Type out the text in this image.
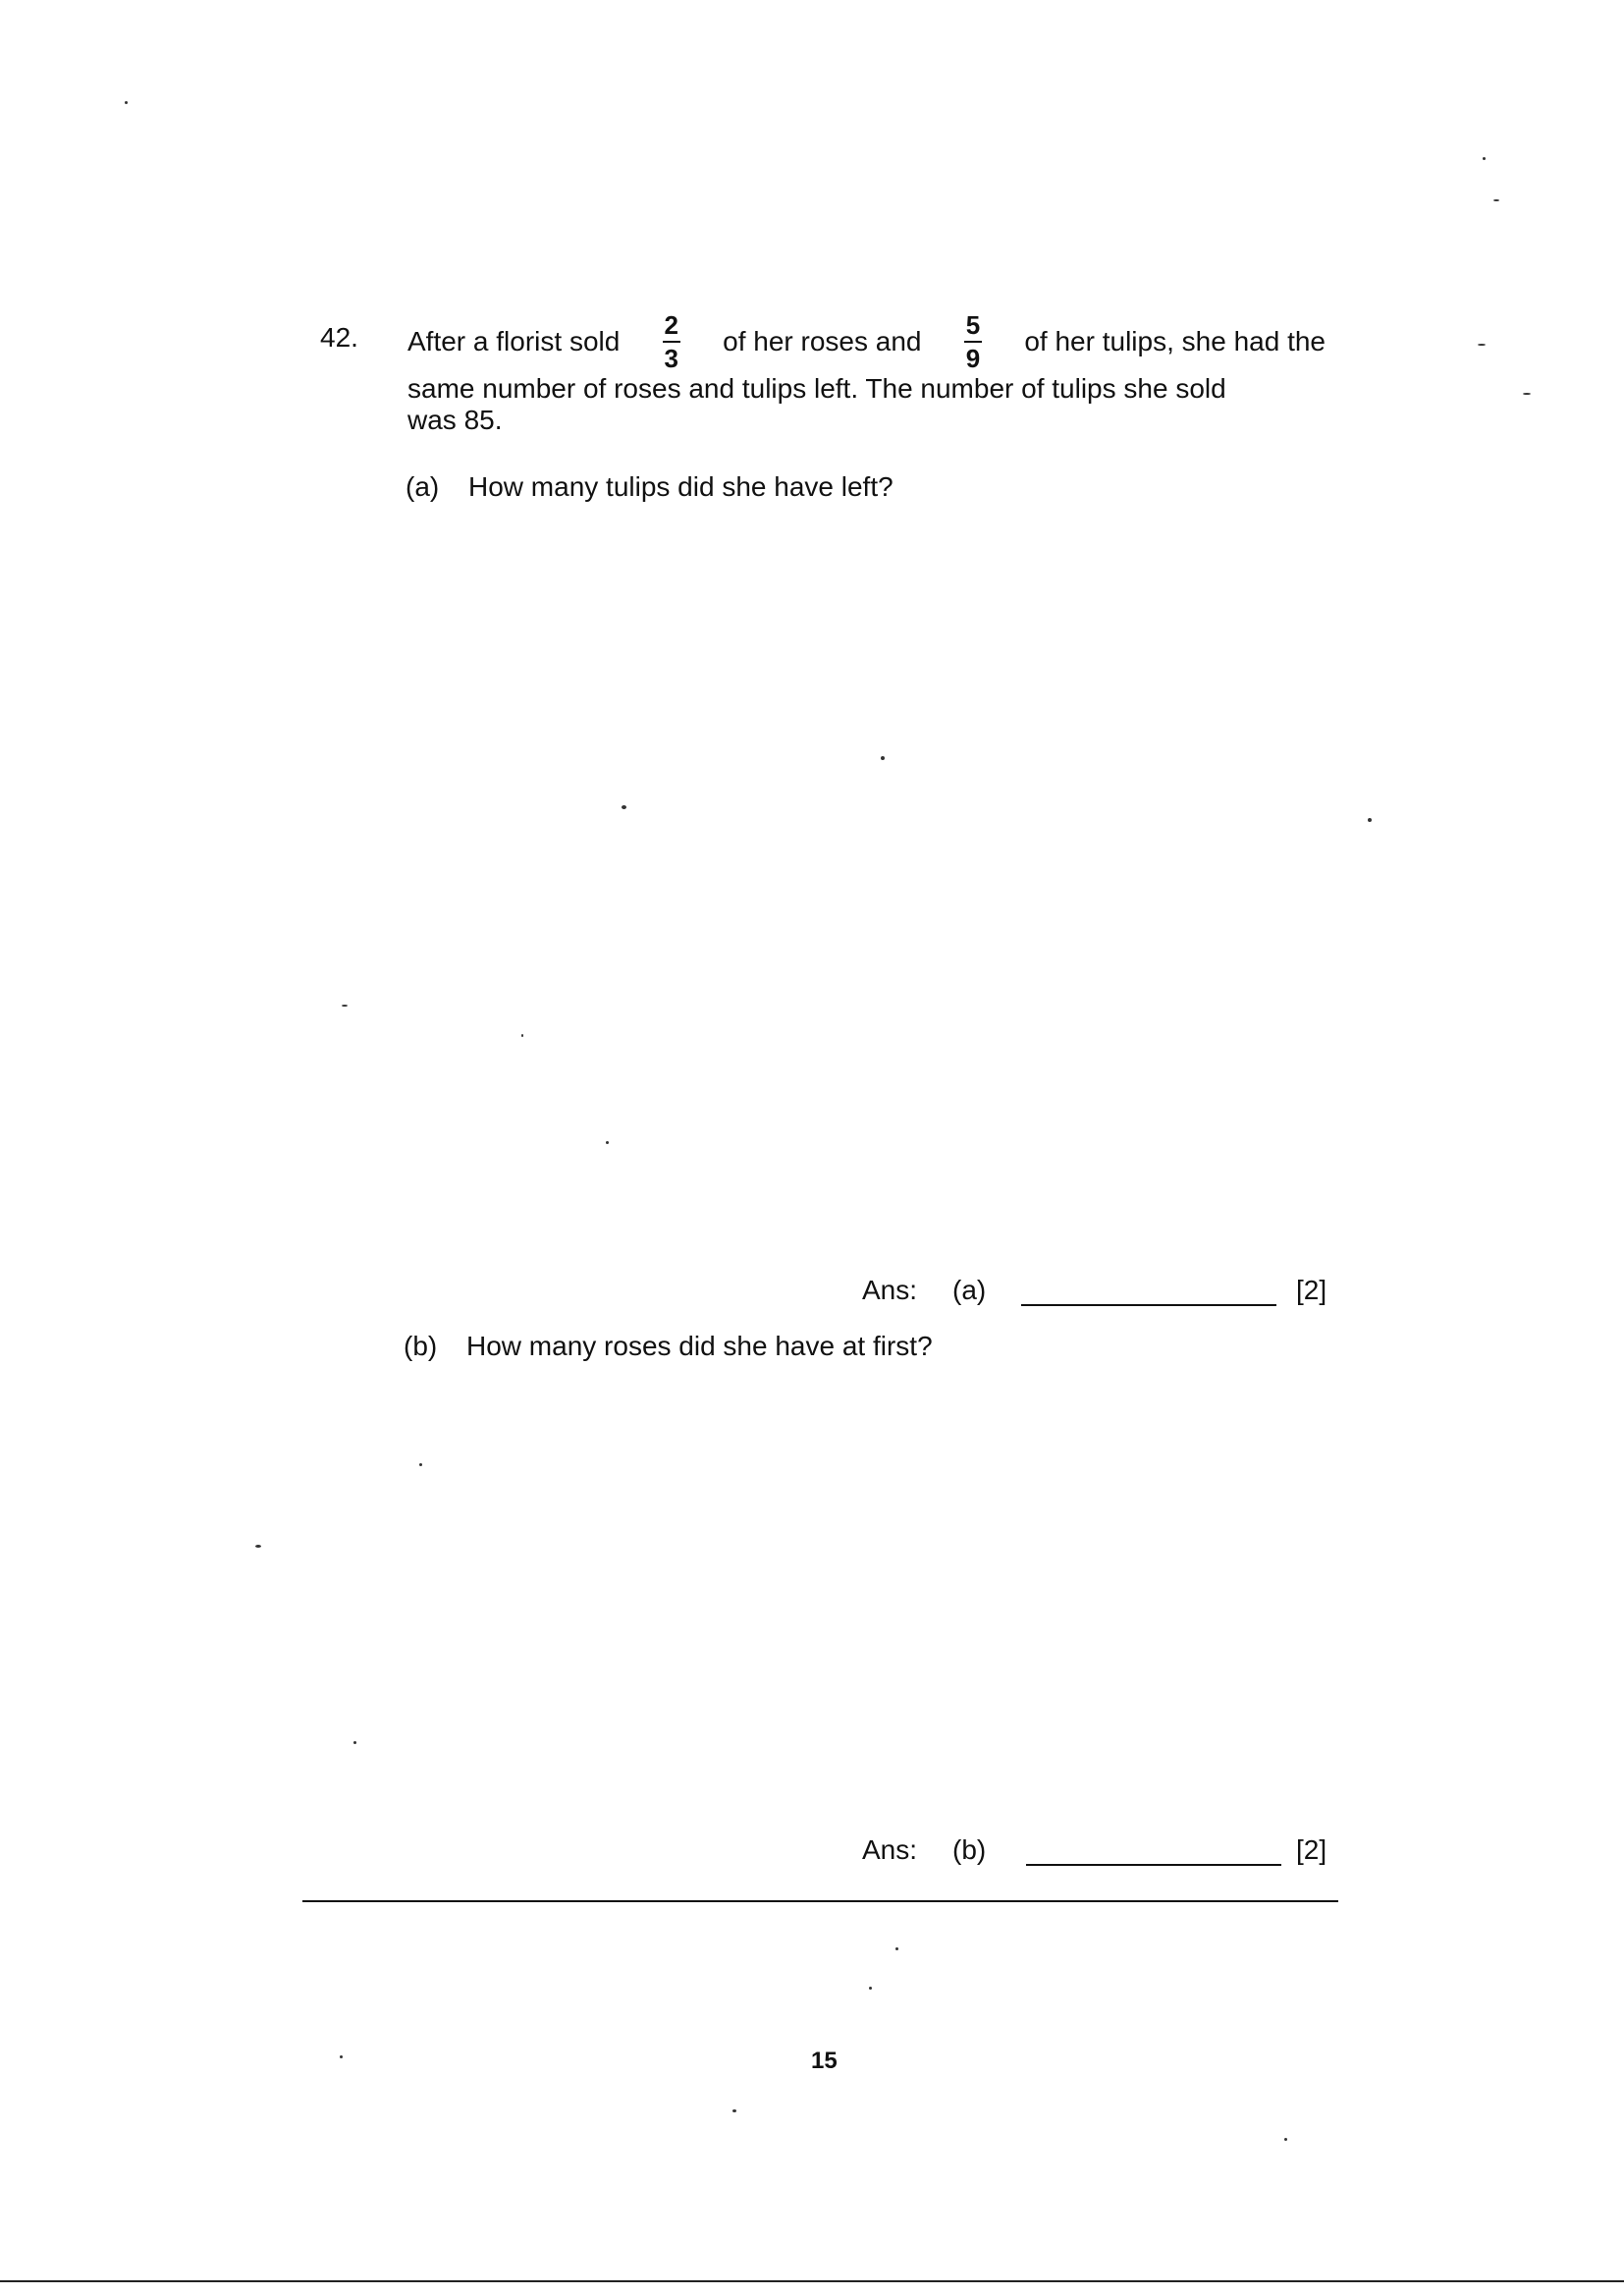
42. After a florist sold $\frac{2}{3}$ of her roses and $\frac{5}{9}$ of her tulips, she had the
same number of roses and tulips left. The number of tulips she sold
was 85.
(a) How many tulips did she have left?
Ans: (a)	[2]
(b) How many roses did she have at first?
Ans: (b)	[2]
15
